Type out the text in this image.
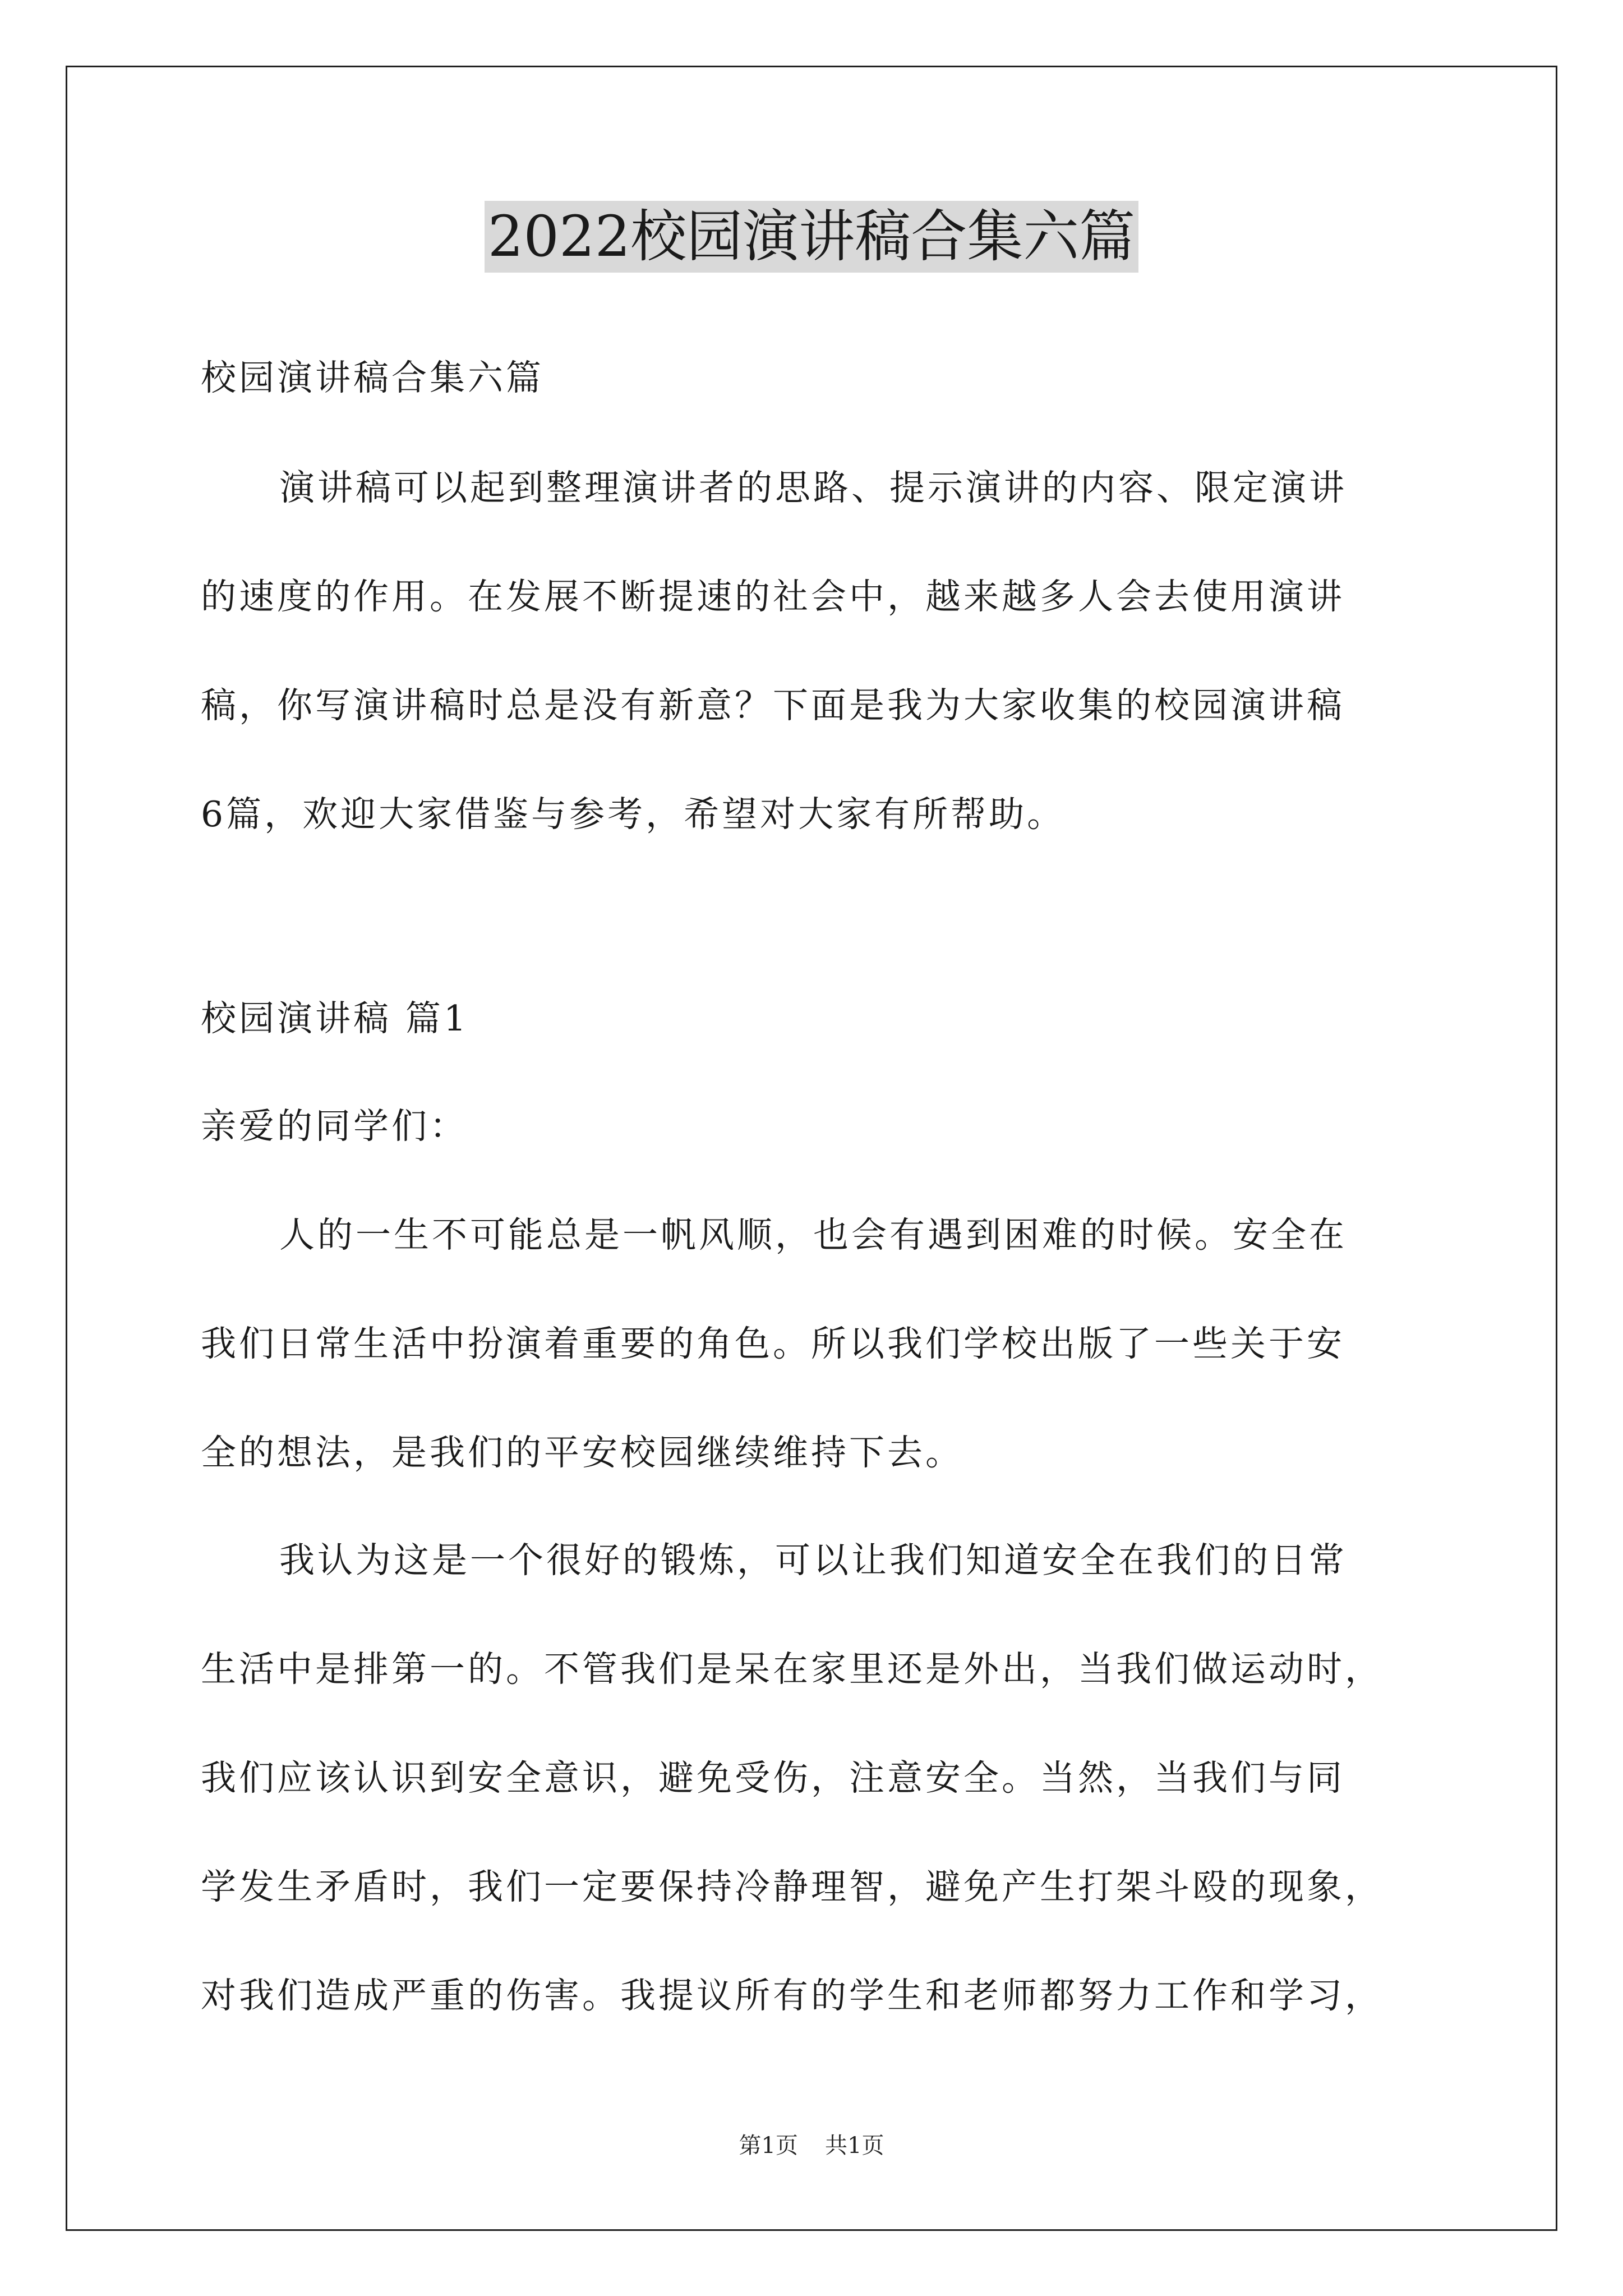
2022校园演讲稿合集六篇
校园演讲稿合集六篇
演讲稿可以起到整理演讲者的思路、提示演讲的内容、限定演讲
的速度的作用。在发展不断提速的社会中，越来越多人会去使用演讲
稿，你写演讲稿时总是没有新意？下面是我为大家收集的校园演讲稿
6篇，欢迎大家借鉴与参考，希望对大家有所帮助。
校园演讲稿 篇1
亲爱的同学们：
人的一生不可能总是一帆风顺，也会有遇到困难的时候。安全在
我们日常生活中扮演着重要的角色。所以我们学校出版了一些关于安
全的想法，是我们的平安校园继续维持下去。
我认为这是一个很好的锻炼，可以让我们知道安全在我们的日常
生活中是排第一的。不管我们是呆在家里还是外出，当我们做运动时，
我们应该认识到安全意识，避免受伤，注意安全。当然，当我们与同
学发生矛盾时，我们一定要保持冷静理智，避免产生打架斗殴的现象，
对我们造成严重的伤害。我提议所有的学生和老师都努力工作和学习，
第1页 共1页
